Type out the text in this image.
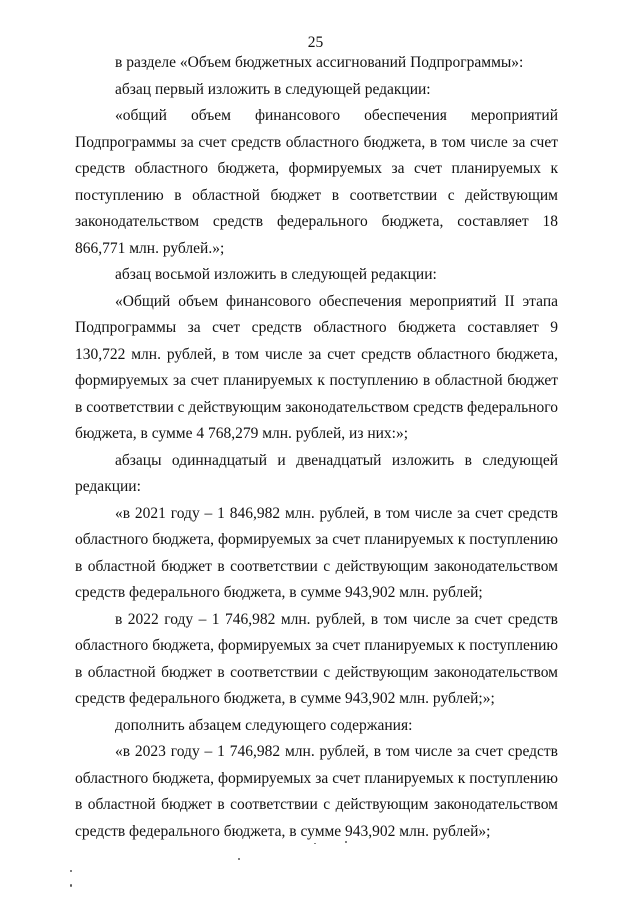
25

в разделе «Объем бюджетных ассигнований Подпрограммы»:

абзац первый изложить в следующей редакции:

«общий объем финансового обеспечения мероприятий Подпрограммы за счет средств областного бюджета, в том числе за счет средств областного бюджета, формируемых за счет планируемых к поступлению в областной бюджет в соответствии с действующим законодательством средств федерального бюджета, составляет 18 866,771 млн. рублей.»;

абзац восьмой изложить в следующей редакции:

«Общий объем финансового обеспечения мероприятий II этапа Подпрограммы за счет средств областного бюджета составляет 9 130,722 млн. рублей, в том числе за счет средств областного бюджета, формируемых за счет планируемых к поступлению в областной бюджет в соответствии с действующим законодательством средств федерального бюджета, в сумме 4 768,279 млн. рублей, из них:»;

абзацы одиннадцатый и двенадцатый изложить в следующей редакции:

«в 2021 году – 1 846,982 млн. рублей, в том числе за счет средств областного бюджета, формируемых за счет планируемых к поступлению в областной бюджет в соответствии с действующим законодательством средств федерального бюджета, в сумме 943,902 млн. рублей;

в 2022 году – 1 746,982 млн. рублей, в том числе за счет средств областного бюджета, формируемых за счет планируемых к поступлению в областной бюджет в соответствии с действующим законодательством средств федерального бюджета, в сумме 943,902 млн. рублей;»;

дополнить абзацем следующего содержания:

«в 2023 году – 1 746,982 млн. рублей, в том числе за счет средств областного бюджета, формируемых за счет планируемых к поступлению в областной бюджет в соответствии с действующим законодательством средств федерального бюджета, в сумме 943,902 млн. рублей»;
